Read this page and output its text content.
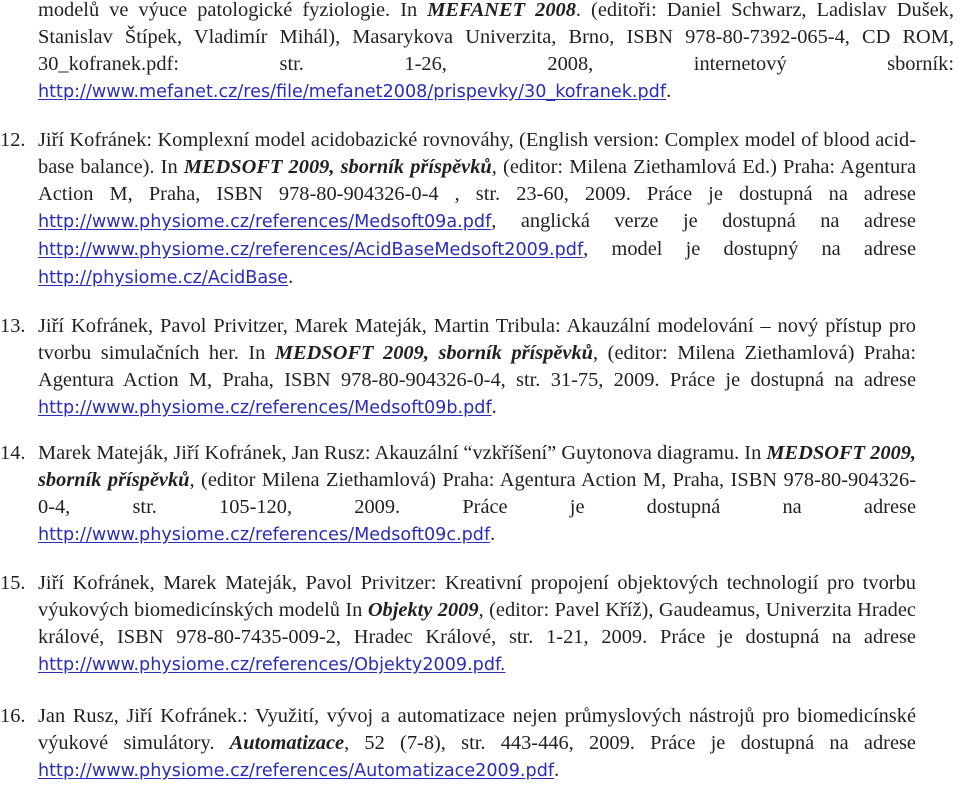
modelů ve výuce patologické fyziologie. In MEFANET 2008. (editoři: Daniel Schwarz, Ladislav Dušek, Stanislav Štípek, Vladimír Mihál), Masarykova Univerzita, Brno, ISBN 978-80-7392-065-4, CD ROM, 30_kofranek.pdf: str. 1-26, 2008, internetový sborník: http://www.mefanet.cz/res/file/mefanet2008/prispevky/30_kofranek.pdf.

12. Jiří Kofránek: Komplexní model acidobazické rovnováhy, (English version: Complex model of blood acid-base balance). In MEDSOFT 2009, sborník příspěvků, (editor: Milena Ziethamlová Ed.) Praha: Agentura Action M, Praha, ISBN 978-80-904326-0-4 , str. 23-60, 2009. Práce je dostupná na adrese http://www.physiome.cz/references/Medsoft09a.pdf, anglická verze je dostupná na adrese http://www.physiome.cz/references/AcidBaseMedsoft2009.pdf, model je dostupný na adrese http://physiome.cz/AcidBase.

13. Jiří Kofránek, Pavol Privitzer, Marek Mateják, Martin Tribula: Akauzální modelování – nový přístup pro tvorbu simulačních her. In MEDSOFT 2009, sborník příspěvků, (editor: Milena Ziethamlová) Praha: Agentura Action M, Praha, ISBN 978-80-904326-0-4, str. 31-75, 2009. Práce je dostupná na adrese http://www.physiome.cz/references/Medsoft09b.pdf.

14. Marek Mateják, Jiří Kofránek, Jan Rusz: Akauzální “vzkříšení” Guytonova diagramu. In MEDSOFT 2009, sborník příspěvků, (editor Milena Ziethamlová) Praha: Agentura Action M, Praha, ISBN 978-80-904326-0-4, str. 105-120, 2009. Práce je dostupná na adrese http://www.physiome.cz/references/Medsoft09c.pdf.

15. Jiří Kofránek, Marek Mateják, Pavol Privitzer: Kreativní propojení objektových technologií pro tvorbu výukových biomedicínských modelů In Objekty 2009, (editor: Pavel Kříž), Gaudeamus, Univerzita Hradec králové, ISBN 978-80-7435-009-2, Hradec Králové, str. 1-21, 2009. Práce je dostupná na adrese http://www.physiome.cz/references/Objekty2009.pdf.

16. Jan Rusz, Jiří Kofránek.: Využití, vývoj a automatizace nejen průmyslových nástrojů pro biomedicínské výukové simulátory. Automatizace, 52 (7-8), str. 443-446, 2009. Práce je dostupná na adrese http://www.physiome.cz/references/Automatizace2009.pdf.
